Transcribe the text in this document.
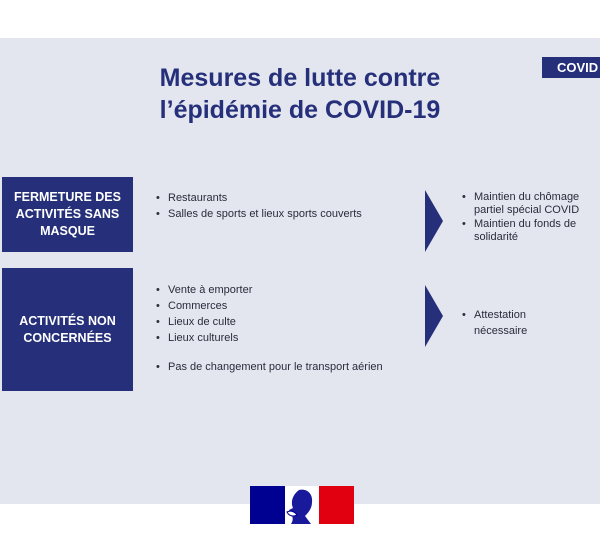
COVID
Mesures de lutte contre
l’épidémie de COVID-19
FERMETURE DES
ACTIVITÉS SANS
MASQUE
• Restaurants
• Salles de sports et lieux sports couverts
• Maintien du chômage partiel spécial COVID
• Maintien du fonds de solidarité
ACTIVITÉS NON
CONCERNÉES
• Vente à emporter
• Commerces
• Lieux de culte
• Lieux culturels
• Pas de changement pour le transport aérien
• Attestation nécessaire
